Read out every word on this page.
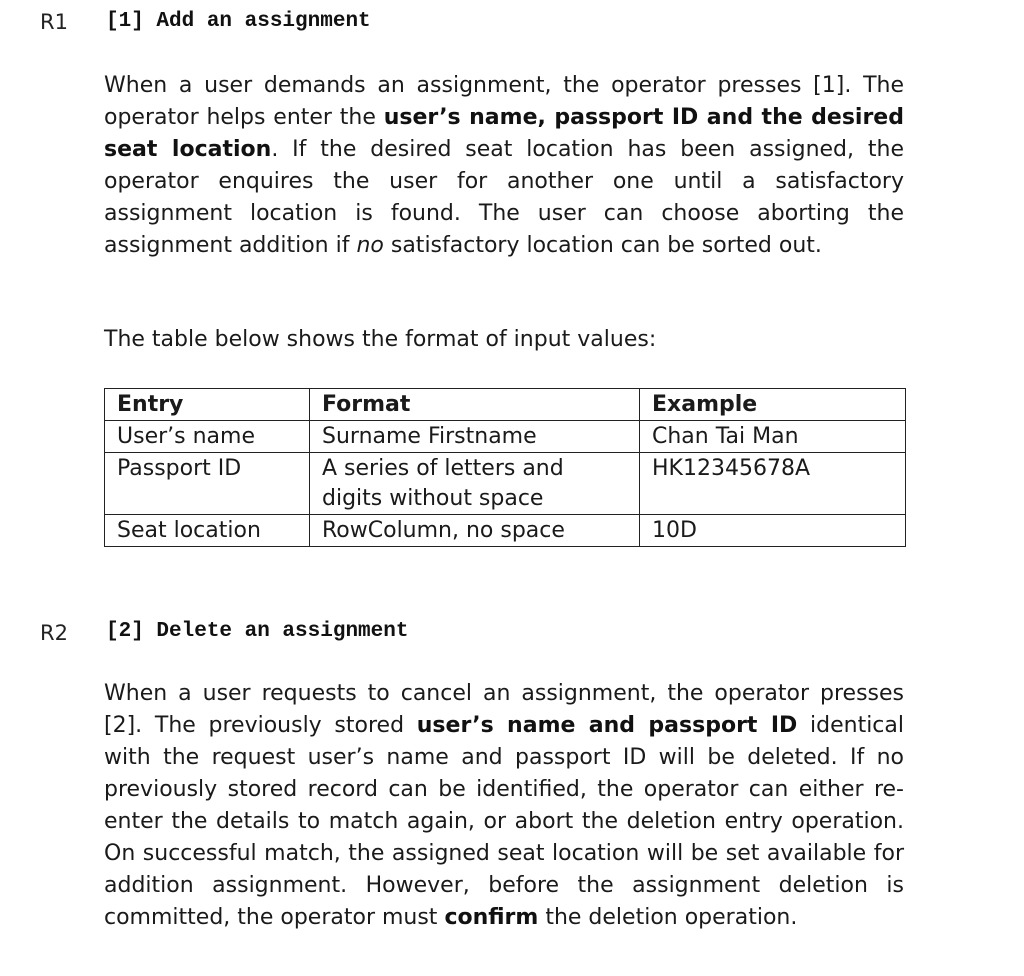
R1 [1] Add an assignment
When a user demands an assignment, the operator presses [1]. The operator helps enter the user’s name, passport ID and the desired seat location. If the desired seat location has been assigned, the operator enquires the user for another one until a satisfactory assignment location is found. The user can choose aborting the assignment addition if no satisfactory location can be sorted out.
The table below shows the format of input values:
Entry	Format	Example
User’s name	Surname Firstname	Chan Tai Man
Passport ID	A series of letters and digits without space	HK12345678A
Seat location	RowColumn, no space	10D
R2 [2] Delete an assignment
When a user requests to cancel an assignment, the operator presses [2]. The previously stored user’s name and passport ID identical with the request user’s name and passport ID will be deleted. If no previously stored record can be identified, the operator can either re-enter the details to match again, or abort the deletion entry operation. On successful match, the assigned seat location will be set available for addition assignment. However, before the assignment deletion is committed, the operator must confirm the deletion operation.
